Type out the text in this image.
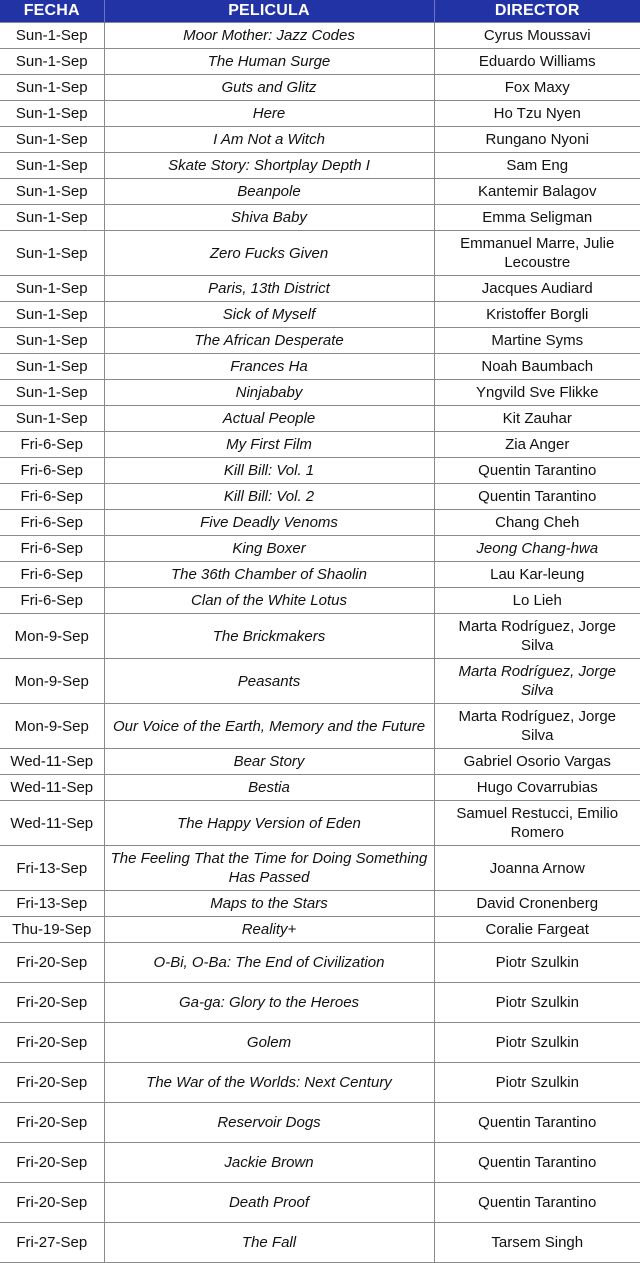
FECHA	PELICULA	DIRECTOR
Sun-1-Sep	Moor Mother: Jazz Codes	Cyrus Moussavi
Sun-1-Sep	The Human Surge	Eduardo Williams
Sun-1-Sep	Guts and Glitz	Fox Maxy
Sun-1-Sep	Here	Ho Tzu Nyen
Sun-1-Sep	I Am Not a Witch	Rungano Nyoni
Sun-1-Sep	Skate Story: Shortplay Depth I	Sam Eng
Sun-1-Sep	Beanpole	Kantemir Balagov
Sun-1-Sep	Shiva Baby	Emma Seligman
Sun-1-Sep	Zero Fucks Given	Emmanuel Marre, Julie Lecoustre
Sun-1-Sep	Paris, 13th District	Jacques Audiard
Sun-1-Sep	Sick of Myself	Kristoffer Borgli
Sun-1-Sep	The African Desperate	Martine Syms
Sun-1-Sep	Frances Ha	Noah Baumbach
Sun-1-Sep	Ninjababy	Yngvild Sve Flikke
Sun-1-Sep	Actual People	Kit Zauhar
Fri-6-Sep	My First Film	Zia Anger
Fri-6-Sep	Kill Bill: Vol. 1	Quentin Tarantino
Fri-6-Sep	Kill Bill: Vol. 2	Quentin Tarantino
Fri-6-Sep	Five Deadly Venoms	Chang Cheh
Fri-6-Sep	King Boxer	Jeong Chang-hwa
Fri-6-Sep	The 36th Chamber of Shaolin	Lau Kar-leung
Fri-6-Sep	Clan of the White Lotus	Lo Lieh
Mon-9-Sep	The Brickmakers	Marta Rodríguez, Jorge Silva
Mon-9-Sep	Peasants	Marta Rodríguez, Jorge Silva
Mon-9-Sep	Our Voice of the Earth, Memory and the Future	Marta Rodríguez, Jorge Silva
Wed-11-Sep	Bear Story	Gabriel Osorio Vargas
Wed-11-Sep	Bestia	Hugo Covarrubias
Wed-11-Sep	The Happy Version of Eden	Samuel Restucci, Emilio Romero
Fri-13-Sep	The Feeling That the Time for Doing Something Has Passed	Joanna Arnow
Fri-13-Sep	Maps to the Stars	David Cronenberg
Thu-19-Sep	Reality+	Coralie Fargeat
Fri-20-Sep	O-Bi, O-Ba: The End of Civilization	Piotr Szulkin
Fri-20-Sep	Ga-ga: Glory to the Heroes	Piotr Szulkin
Fri-20-Sep	Golem	Piotr Szulkin
Fri-20-Sep	The War of the Worlds: Next Century	Piotr Szulkin
Fri-20-Sep	Reservoir Dogs	Quentin Tarantino
Fri-20-Sep	Jackie Brown	Quentin Tarantino
Fri-20-Sep	Death Proof	Quentin Tarantino
Fri-27-Sep	The Fall	Tarsem Singh
